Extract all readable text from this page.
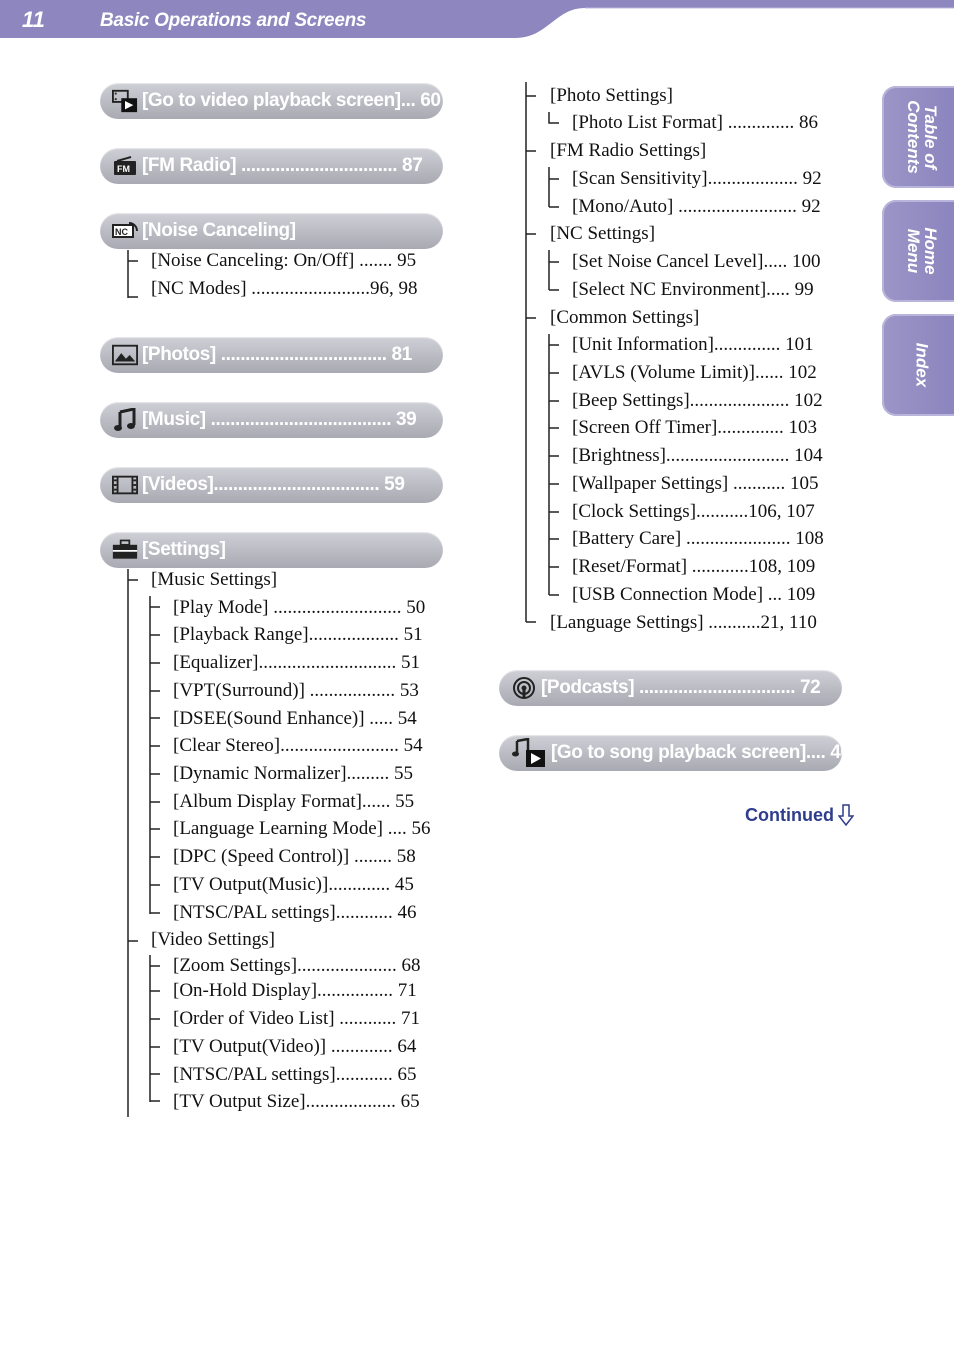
11	Basic Operations and Screens
Table of
Contents
Home
Menu
Index
[Go to video playback screen]... 60
FM [FM Radio] ................................ 87
NC [Noise Canceling]
[Noise Canceling: On/Off] ....... 95
[NC Modes] .........................96, 98
[Photos] .................................. 81
[Music] ..................................... 39
[Videos].................................. 59
[Settings]
[Music Settings]
[Play Mode] ........................... 50
[Playback Range]................... 51
[Equalizer]............................. 51
[VPT(Surround)] .................. 53
[DSEE(Sound Enhance)] ..... 54
[Clear Stereo]......................... 54
[Dynamic Normalizer]......... 55
[Album Display Format]...... 55
[Language Learning Mode] .... 56
[DPC (Speed Control)] ........ 58
[TV Output(Music)]............. 45
[NTSC/PAL settings]............ 46
[Video Settings]
[Zoom Settings]..................... 68
[On-Hold Display]................ 71
[Order of Video List] ............ 71
[TV Output(Video)] ............. 64
[NTSC/PAL settings]............ 65
[TV Output Size]................... 65
[Photo Settings]
[Photo List Format] .............. 86
[FM Radio Settings]
[Scan Sensitivity]................... 92
[Mono/Auto] ......................... 92
[NC Settings]
[Set Noise Cancel Level]..... 100
[Select NC Environment]..... 99
[Common Settings]
[Unit Information].............. 101
[AVLS (Volume Limit)]...... 102
[Beep Settings]..................... 102
[Screen Off Timer].............. 103
[Brightness].......................... 104
[Wallpaper Settings] ........... 105
[Clock Settings]...........106, 107
[Battery Care] ...................... 108
[Reset/Format] ............108, 109
[USB Connection Mode] ... 109
[Language Settings] ...........21, 110
[Podcasts] ................................ 72
[Go to song playback screen].... 40
Continued
